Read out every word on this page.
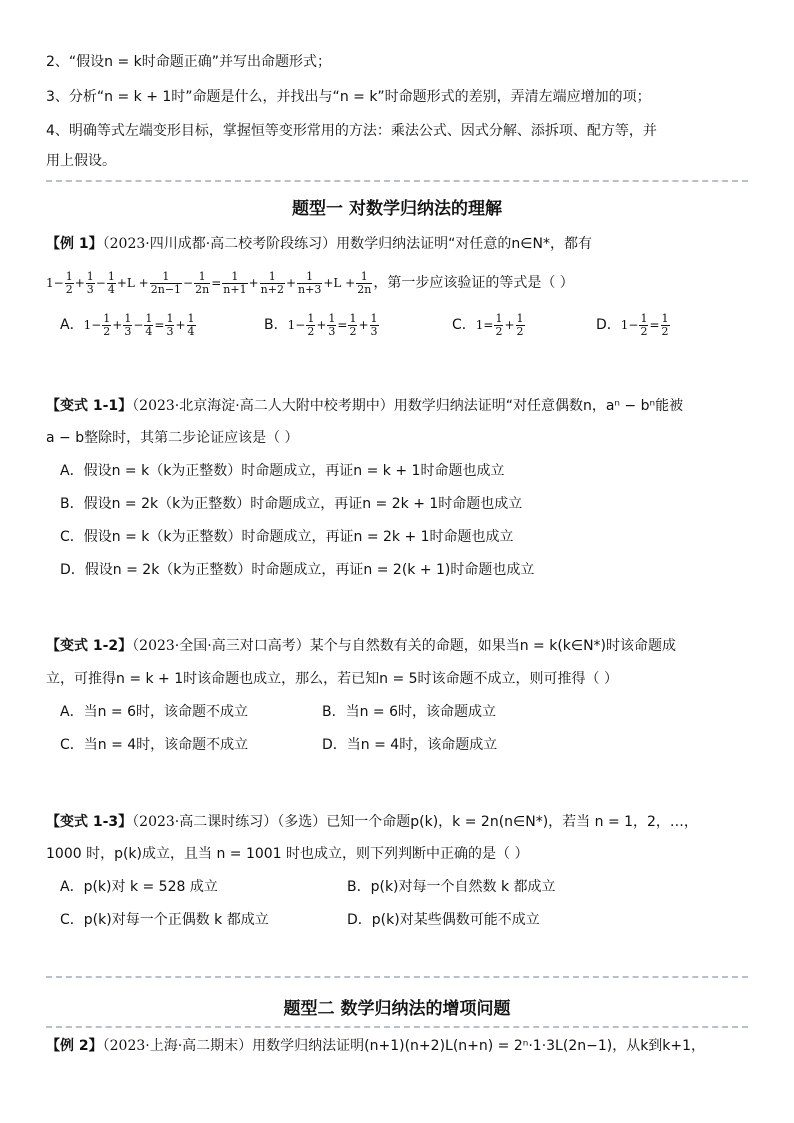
2、“假设n = k时命题正确”并写出命题形式；
3、分析“n = k + 1时”命题是什么，并找出与“n = k”时命题形式的差别，弄清左端应增加的项；
4、明确等式左端变形目标，掌握恒等变形常用的方法：乘法公式、因式分解、添拆项、配方等，并
用上假设。
题型一 对数学归纳法的理解
【例 1】（2023·四川成都·高二校考阶段练习）用数学归纳法证明“对任意的n∈N*，都有
$1- \frac{1}{2} + \frac{1}{3} - \frac{1}{4} +L + \frac{1}{2n-1} - \frac{1}{2n} = \frac{1}{n+1} + \frac{1}{n+2} + \frac{1}{n+3} +L + \frac{1}{2n}$ ，第一步应该验证的等式是（ ）
A．$1- \frac{1}{2} + \frac{1}{3} - \frac{1}{4} = \frac{1}{3} + \frac{1}{4}$	B．$1- \frac{1}{2} + \frac{1}{3} = \frac{1}{2} + \frac{1}{3}$	C．$1= \frac{1}{2} + \frac{1}{2}$	D．$1- \frac{1}{2} = \frac{1}{2}$
【变式 1-1】（2023·北京海淀·高二人大附中校考期中）用数学归纳法证明“对任意偶数n，aⁿ − bⁿ能被
a − b整除时，其第二步论证应该是（ ）
A．假设n = k（k为正整数）时命题成立，再证n = k + 1时命题也成立
B．假设n = 2k（k为正整数）时命题成立，再证n = 2k + 1时命题也成立
C．假设n = k（k为正整数）时命题成立，再证n = 2k + 1时命题也成立
D．假设n = 2k（k为正整数）时命题成立，再证n = 2(k + 1)时命题也成立
【变式 1-2】（2023·全国·高三对口高考）某个与自然数有关的命题，如果当n = k(k∈N*)时该命题成
立，可推得n = k + 1时该命题也成立，那么，若已知n = 5时该命题不成立，则可推得（ ）
A．当n = 6时，该命题不成立	B．当n = 6时，该命题成立
C．当n = 4时，该命题不成立	D．当n = 4时，该命题成立
【变式 1-3】（2023·高二课时练习）（多选）已知一个命题p(k)，k = 2n(n∈N*)，若当 n = 1，2，…，
1000 时，p(k)成立，且当 n = 1001 时也成立，则下列判断中正确的是（ ）
A．p(k)对 k = 528 成立	B．p(k)对每一个自然数 k 都成立
C．p(k)对每一个正偶数 k 都成立	D．p(k)对某些偶数可能不成立
题型二 数学归纳法的增项问题
【例 2】（2023·上海·高二期末）用数学归纳法证明(n+1)(n+2)L(n+n) = 2ⁿ·1·3L(2n−1)，从k到k+1，
